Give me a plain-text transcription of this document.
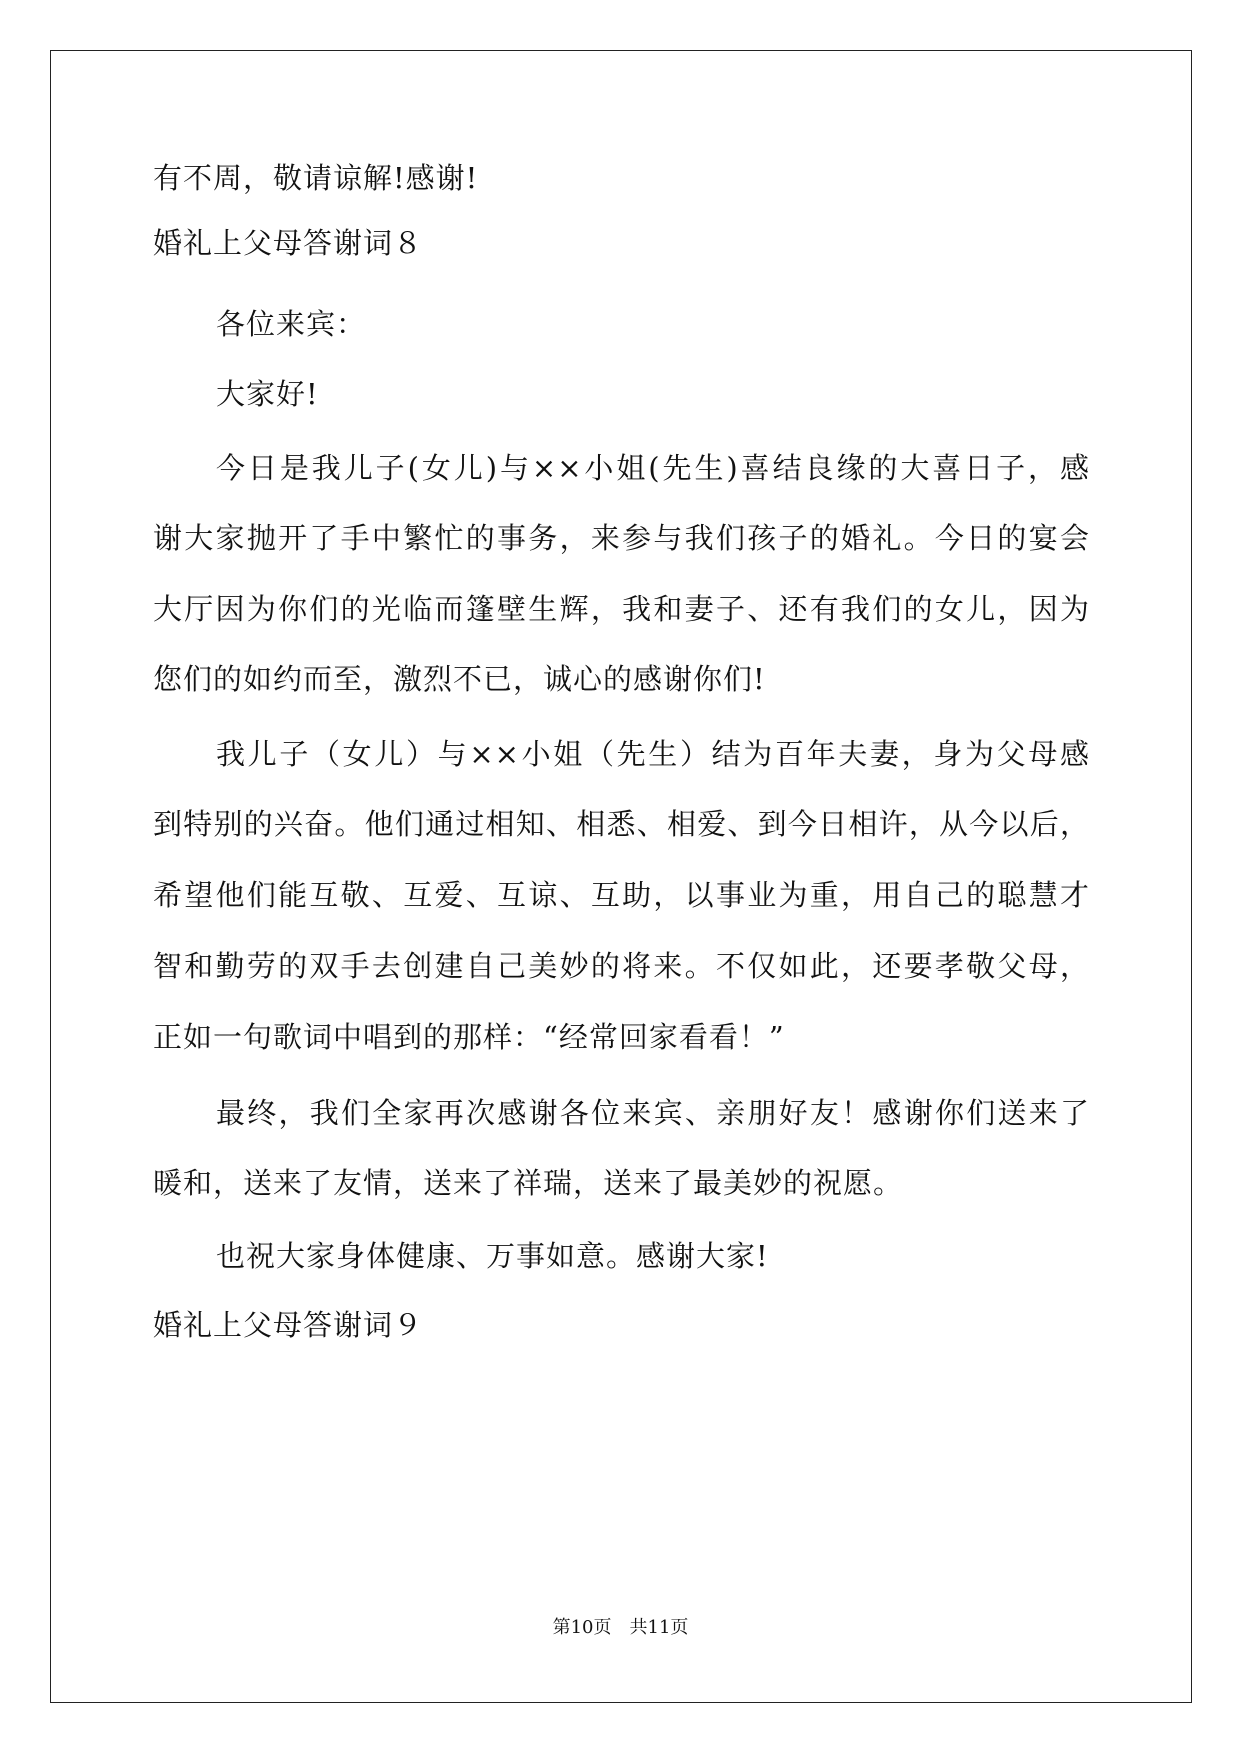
有不周，敬请谅解!感谢!
婚礼上父母答谢词８
各位来宾：
大家好!
今日是我儿子(女儿)与××小姐(先生)喜结良缘的大喜日子，感
谢大家抛开了手中繁忙的事务，来参与我们孩子的婚礼。今日的宴会
大厅因为你们的光临而篷壁生辉，我和妻子、还有我们的女儿，因为
您们的如约而至，激烈不已，诚心的感谢你们!
我儿子（女儿）与××小姐（先生）结为百年夫妻，身为父母感
到特别的兴奋。他们通过相知、相悉、相爱、到今日相许，从今以后，
希望他们能互敬、互爱、互谅、互助，以事业为重，用自己的聪慧才
智和勤劳的双手去创建自己美妙的将来。不仅如此，还要孝敬父母，
正如一句歌词中唱到的那样：“经常回家看看！”
最终，我们全家再次感谢各位来宾、亲朋好友！感谢你们送来了
暖和，送来了友情，送来了祥瑞，送来了最美妙的祝愿。
也祝大家身体健康、万事如意。感谢大家!
婚礼上父母答谢词９
第10页 共11页
